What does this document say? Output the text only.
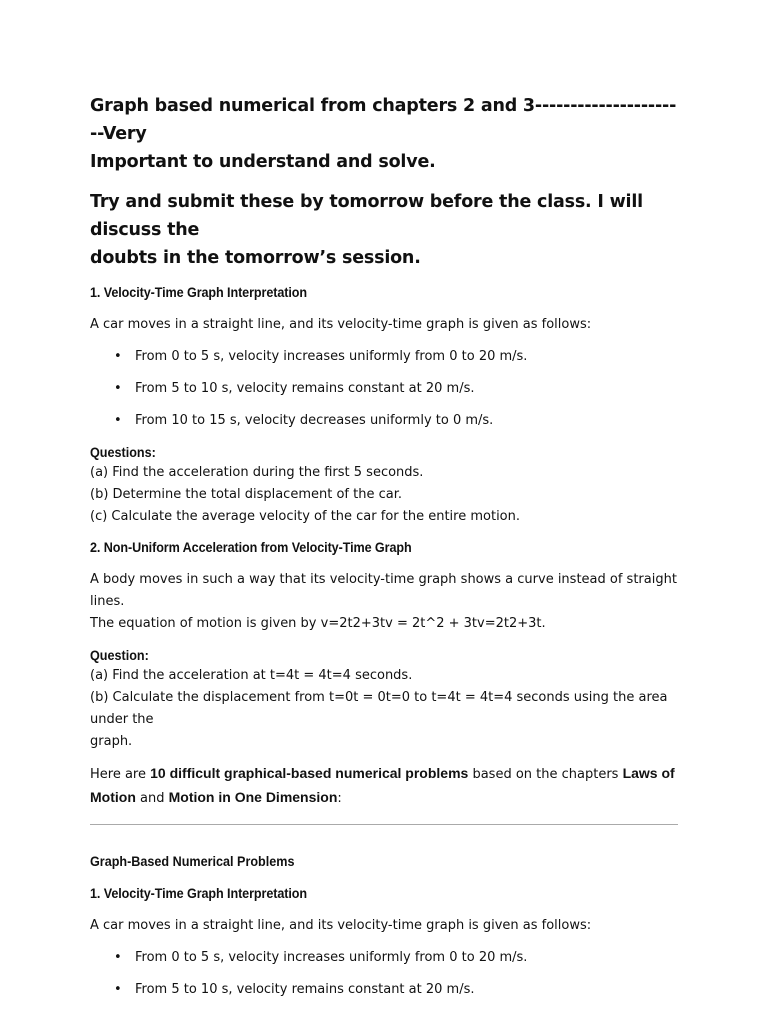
Graph based numerical from chapters 2 and 3----------------------Very
Important to understand and solve.

Try and submit these by tomorrow before the class. I will discuss the
doubts in the tomorrow’s session.

1. Velocity-Time Graph Interpretation

A car moves in a straight line, and its velocity-time graph is given as follows:

• From 0 to 5 s, velocity increases uniformly from 0 to 20 m/s.
• From 5 to 10 s, velocity remains constant at 20 m/s.
• From 10 to 15 s, velocity decreases uniformly to 0 m/s.

Questions:

(a) Find the acceleration during the first 5 seconds.
(b) Determine the total displacement of the car.
(c) Calculate the average velocity of the car for the entire motion.

2. Non-Uniform Acceleration from Velocity-Time Graph

A body moves in such a way that its velocity-time graph shows a curve instead of straight lines.
The equation of motion is given by v=2t2+3tv = 2t^2 + 3tv=2t2+3t.

Question:

(a) Find the acceleration at t=4t = 4t=4 seconds.
(b) Calculate the displacement from t=0t = 0t=0 to t=4t = 4t=4 seconds using the area under the
graph.

Here are 10 difficult graphical-based numerical problems based on the chapters Laws of
Motion and Motion in One Dimension:

Graph-Based Numerical Problems

1. Velocity-Time Graph Interpretation

A car moves in a straight line, and its velocity-time graph is given as follows:

• From 0 to 5 s, velocity increases uniformly from 0 to 20 m/s.
• From 5 to 10 s, velocity remains constant at 20 m/s.
